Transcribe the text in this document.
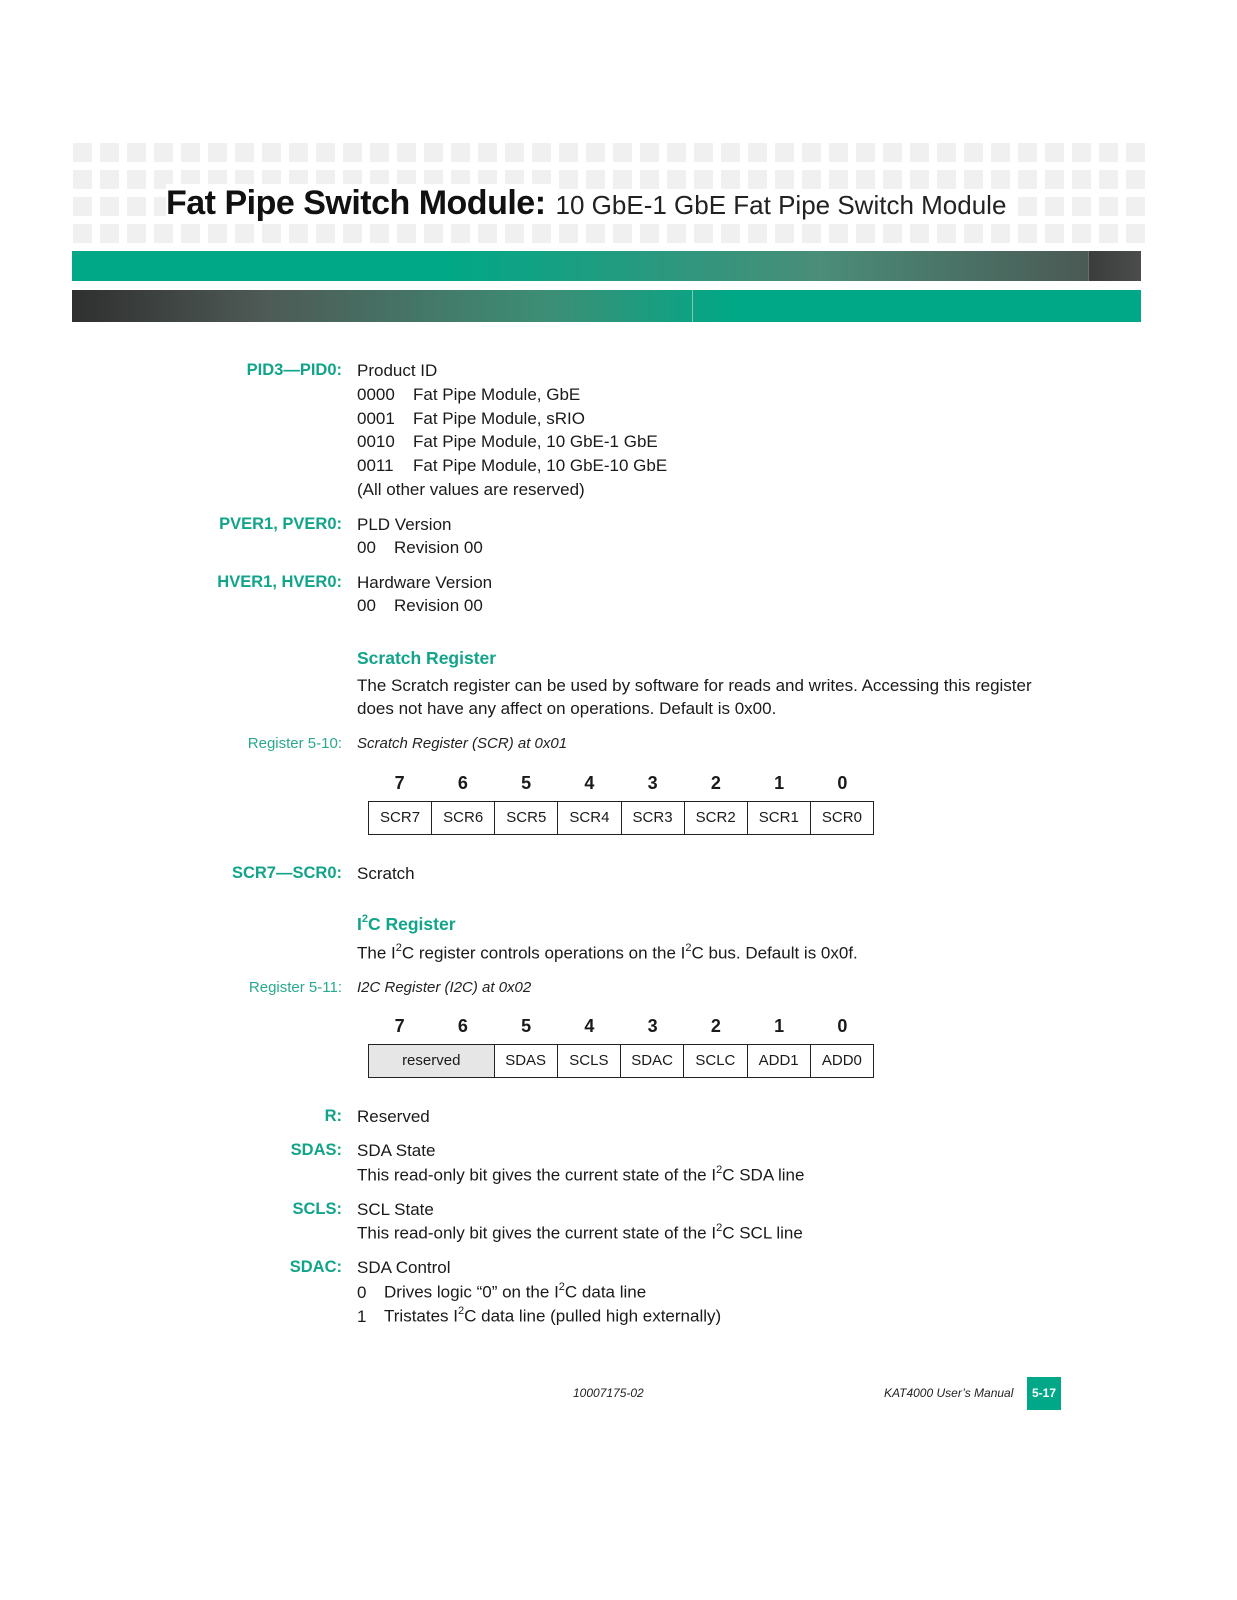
Fat Pipe Switch Module: 10 GbE-1 GbE Fat Pipe Switch Module
PID3—PID0: Product ID
0000 Fat Pipe Module, GbE
0001 Fat Pipe Module, sRIO
0010 Fat Pipe Module, 10 GbE-1 GbE
0011 Fat Pipe Module, 10 GbE-10 GbE
(All other values are reserved)
PVER1, PVER0: PLD Version
00 Revision 00
HVER1, HVER0: Hardware Version
00 Revision 00
Scratch Register
The Scratch register can be used by software for reads and writes. Accessing this register
does not have any affect on operations. Default is 0x00.
Register 5-10: Scratch Register (SCR) at 0x01
7	6	5	4	3	2	1	0
SCR7	SCR6	SCR5	SCR4	SCR3	SCR2	SCR1	SCR0
SCR7—SCR0: Scratch
$I^2C$ Register
The $I^2C$ register controls operations on the $I^2C$ bus. Default is 0x0f.
Register 5-11: I2C Register (I2C) at 0x02
7	6	5	4	3	2	1	0
reserved	SDAS	SCLS	SDAC	SCLC	ADD1	ADD0
R: Reserved
SDAS: SDA State
This read-only bit gives the current state of the $I^2C$ SDA line
SCLS: SCL State
This read-only bit gives the current state of the $I^2C$ SCL line
SDAC: SDA Control
0 Drives logic “0” on the $I^2C$ data line
1 Tristates $I^2C$ data line (pulled high externally)
10007175-02	KAT4000 User’s Manual	5-17
